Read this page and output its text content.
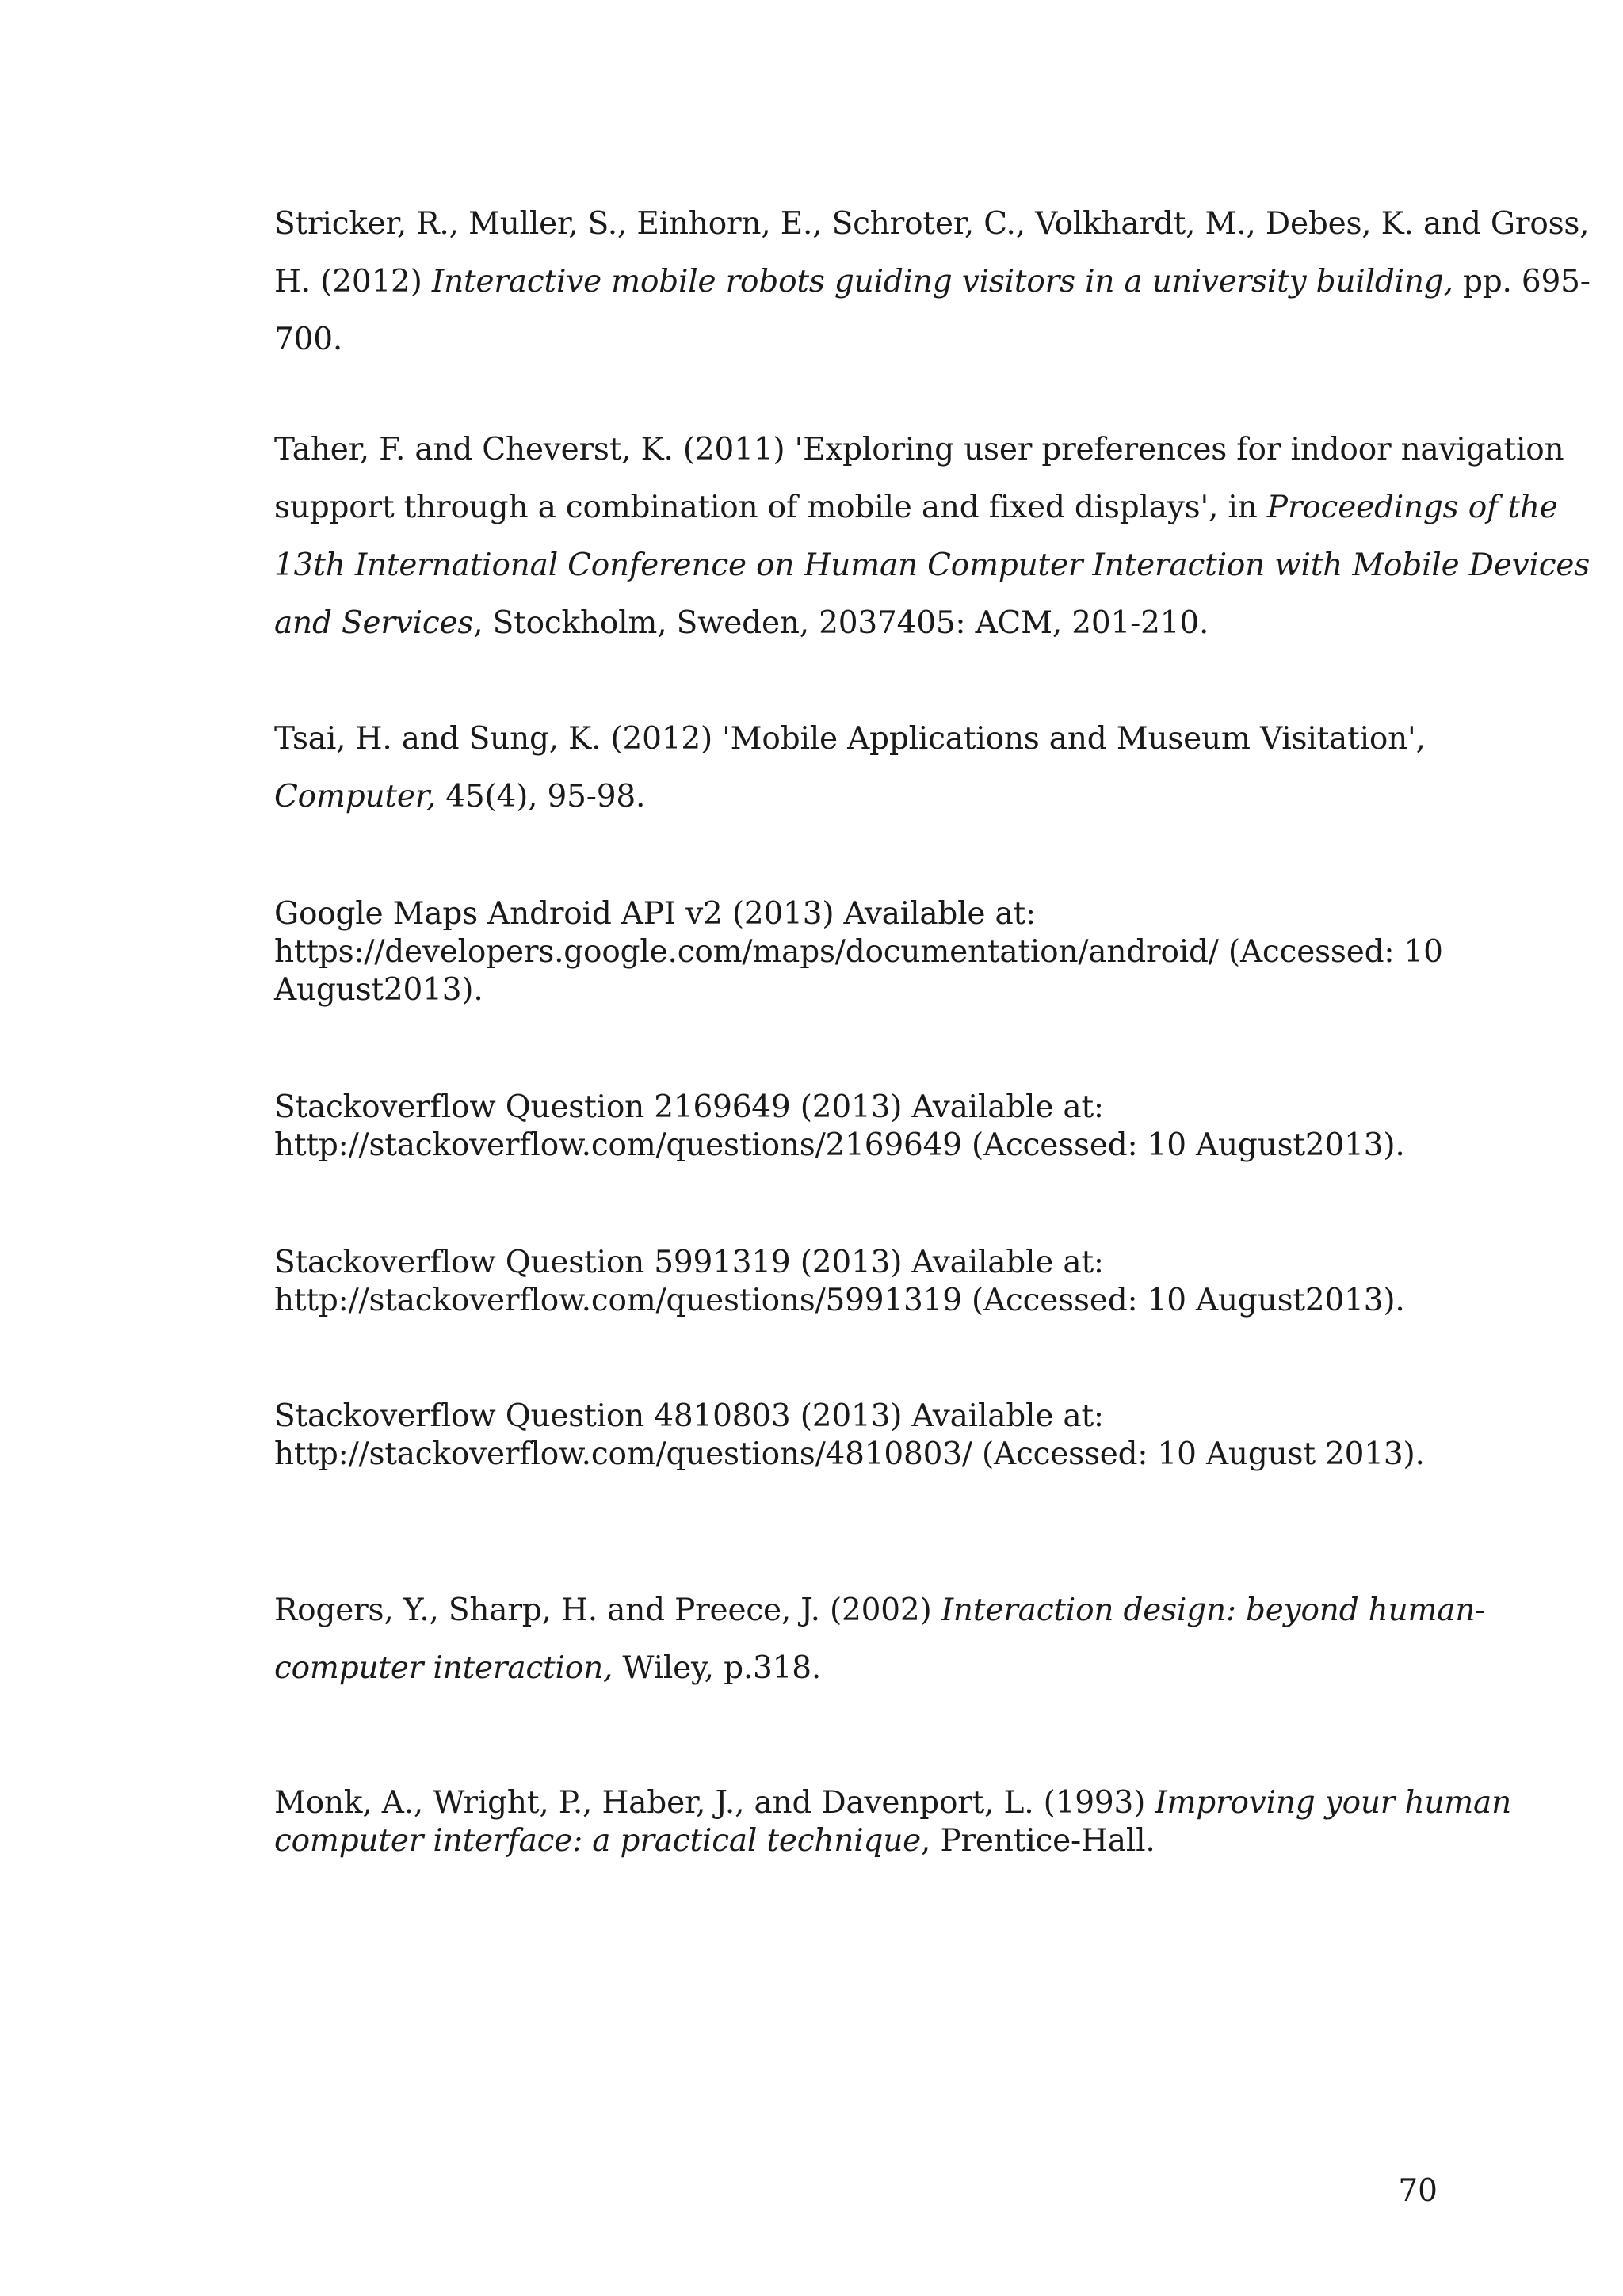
Stricker, R., Muller, S., Einhorn, E., Schroter, C., Volkhardt, M., Debes, K. and Gross,
H. (2012) Interactive mobile robots guiding visitors in a university building, pp. 695-
700.

Taher, F. and Cheverst, K. (2011) 'Exploring user preferences for indoor navigation
support through a combination of mobile and fixed displays', in Proceedings of the
13th International Conference on Human Computer Interaction with Mobile Devices
and Services, Stockholm, Sweden, 2037405: ACM, 201-210.

Tsai, H. and Sung, K. (2012) 'Mobile Applications and Museum Visitation',
Computer, 45(4), 95-98.

Google Maps Android API v2 (2013) Available at:
https://developers.google.com/maps/documentation/android/ (Accessed: 10
August2013).

Stackoverflow Question 2169649 (2013) Available at:
http://stackoverflow.com/questions/2169649 (Accessed: 10 August2013).

Stackoverflow Question 5991319 (2013) Available at:
http://stackoverflow.com/questions/5991319 (Accessed: 10 August2013).

Stackoverflow Question 4810803 (2013) Available at:
http://stackoverflow.com/questions/4810803/ (Accessed: 10 August 2013).

Rogers, Y., Sharp, H. and Preece, J. (2002) Interaction design: beyond human-
computer interaction, Wiley, p.318.

Monk, A., Wright, P., Haber, J., and Davenport, L. (1993) Improving your human
computer interface: a practical technique, Prentice-Hall.

70
